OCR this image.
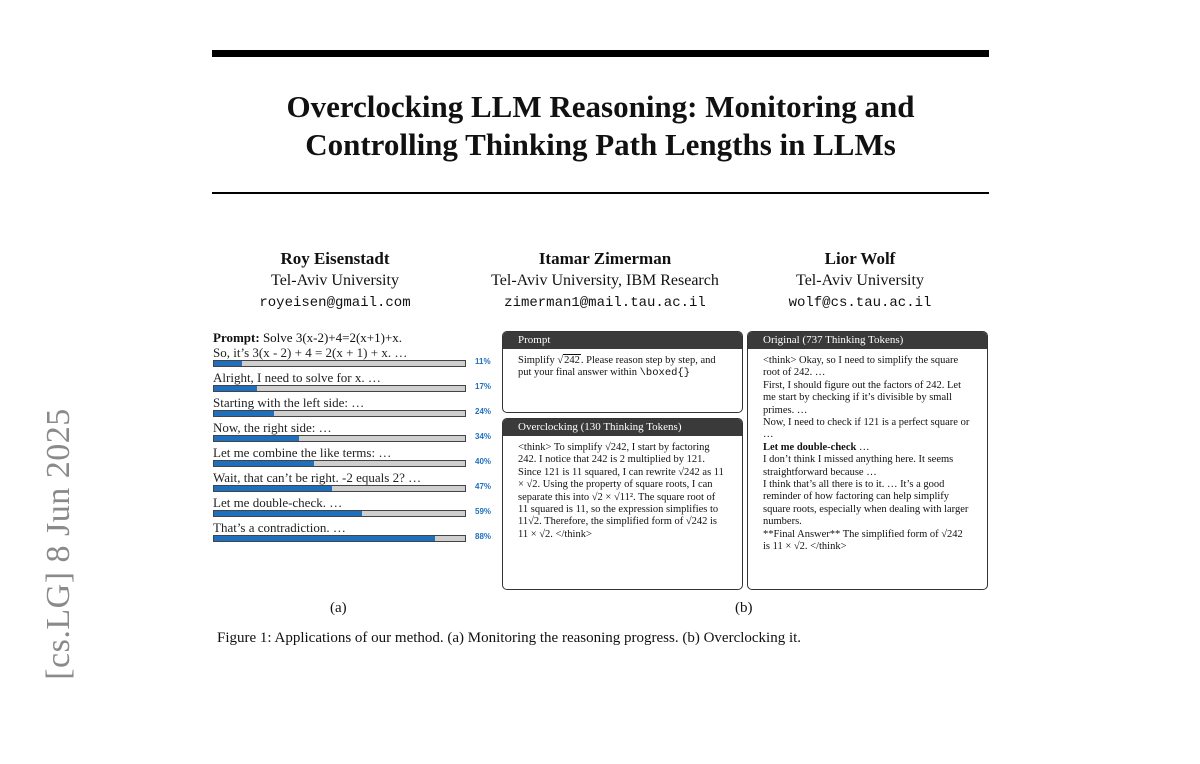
[cs.LG] 8 Jun 2025
Overclocking LLM Reasoning: Monitoring and
Controlling Thinking Path Lengths in LLMs
Roy Eisenstadt
Tel-Aviv University
royeisen@gmail.com
Itamar Zimerman
Tel-Aviv University, IBM Research
zimerman1@mail.tau.ac.il
Lior Wolf
Tel-Aviv University
wolf@cs.tau.ac.il
Prompt: Solve 3(x-2)+4=2(x+1)+x.
So, it’s 3(x - 2) + 4 = 2(x + 1) + x. …
11%
Alright, I need to solve for x. …
17%
Starting with the left side: …
24%
Now, the right side: …
34%
Let me combine the like terms: …
40%
Wait, that can’t be right. -2 equals 2? …
47%
Let me double-check. …
59%
That’s a contradiction. …
88%
(a)
Prompt
Simplify √242. Please reason step by step, and put your final answer within \boxed{}
Overclocking (130 Thinking Tokens)
<think> To simplify √242, I start by factoring 242. I notice that 242 is 2 multiplied by 121. Since 121 is 11 squared, I can rewrite √242 as 11 × √2. Using the property of square roots, I can separate this into √2 × √11². The square root of 11 squared is 11, so the expression simplifies to 11√2. Therefore, the simplified form of √242 is 11 × √2. </think>
Original (737 Thinking Tokens)
<think> Okay, so I need to simplify the square root of 242. …
First, I should figure out the factors of 242. Let me start by checking if it’s divisible by small primes. …
Now, I need to check if 121 is a perfect square or …
Let me double-check …
I don’t think I missed anything here. It seems straightforward because …
I think that’s all there is to it. … It’s a good reminder of how factoring can help simplify square roots, especially when dealing with larger numbers.
**Final Answer** The simplified form of √242 is 11 × √2. </think>
(b)
Figure 1: Applications of our method. (a) Monitoring the reasoning progress. (b) Overclocking it.
